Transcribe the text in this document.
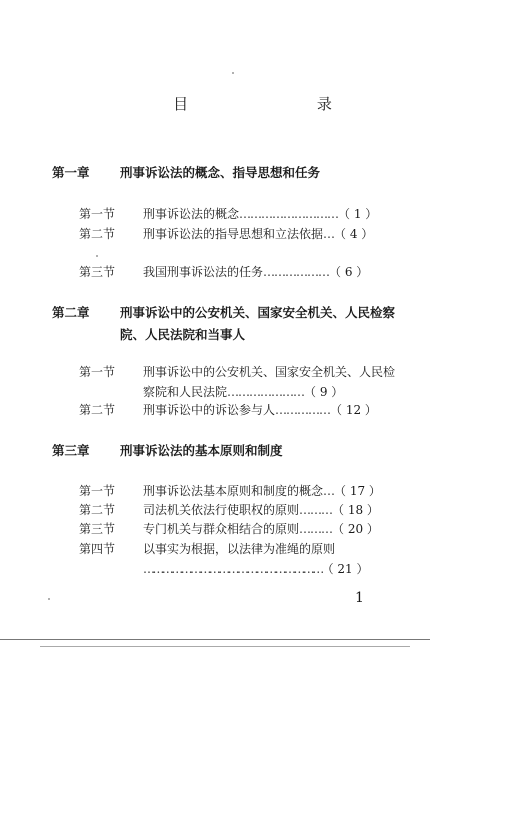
目 录
第一章	刑事诉讼法的概念、指导思想和任务
第一节	刑事诉讼法的概念………………………（ 1 ）
第二节	刑事诉讼法的指导思想和立法依据…（ 4 ）
第三节	我国刑事诉讼法的任务………………（ 6 ）
第二章	刑事诉讼中的公安机关、国家安全机关、人民检察院、人民法院和当事人
第一节	刑事诉讼中的公安机关、国家安全机关、人民检察院和人民法院…………………（ 9 ）
第二节	刑事诉讼中的诉讼参与人……………（ 12 ）
第三章	刑事诉讼法的基本原则和制度
第一节	刑事诉讼法基本原则和制度的概念…（ 17 ）
第二节	司法机关依法行使职权的原则………（ 18 ）
第三节	专门机关与群众相结合的原则………（ 20 ）
第四节	以事实为根据，以法律为准绳的原则
…………………………………………………（ 21 ）
1
